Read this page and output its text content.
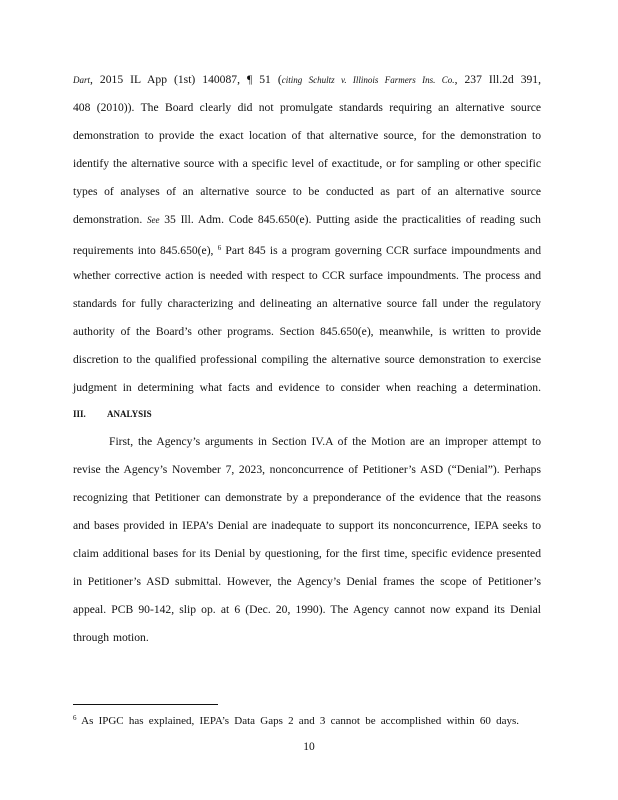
Dart, 2015 IL App (1st) 140087, ¶ 51 (citing Schultz v. Illinois Farmers Ins. Co., 237 Ill.2d 391,
408 (2010)). The Board clearly did not promulgate standards requiring an alternative source
demonstration to provide the exact location of that alternative source, for the demonstration to
identify the alternative source with a specific level of exactitude, or for sampling or other specific
types of analyses of an alternative source to be conducted as part of an alternative source
demonstration. See 35 Ill. Adm. Code 845.650(e). Putting aside the practicalities of reading such
requirements into 845.650(e), $^6$ Part 845 is a program governing CCR surface impoundments and
whether corrective action is needed with respect to CCR surface impoundments. The process and
standards for fully characterizing and delineating an alternative source fall under the regulatory
authority of the Board’s other programs. Section 845.650(e), meanwhile, is written to provide
discretion to the qualified professional compiling the alternative source demonstration to exercise
judgment in determining what facts and evidence to consider when reaching a determination.
III. ANALYSIS
First, the Agency’s arguments in Section IV.A of the Motion are an improper attempt to
revise the Agency’s November 7, 2023, nonconcurrence of Petitioner’s ASD (“Denial”). Perhaps
recognizing that Petitioner can demonstrate by a preponderance of the evidence that the reasons
and bases provided in IEPA’s Denial are inadequate to support its nonconcurrence, IEPA seeks to
claim additional bases for its Denial by questioning, for the first time, specific evidence presented
in Petitioner’s ASD submittal. However, the Agency’s Denial frames the scope of Petitioner’s
appeal. PCB 90-142, slip op. at 6 (Dec. 20, 1990). The Agency cannot now expand its Denial
through motion.
$^6$ As IPGC has explained, IEPA’s Data Gaps 2 and 3 cannot be accomplished within 60 days.
10
